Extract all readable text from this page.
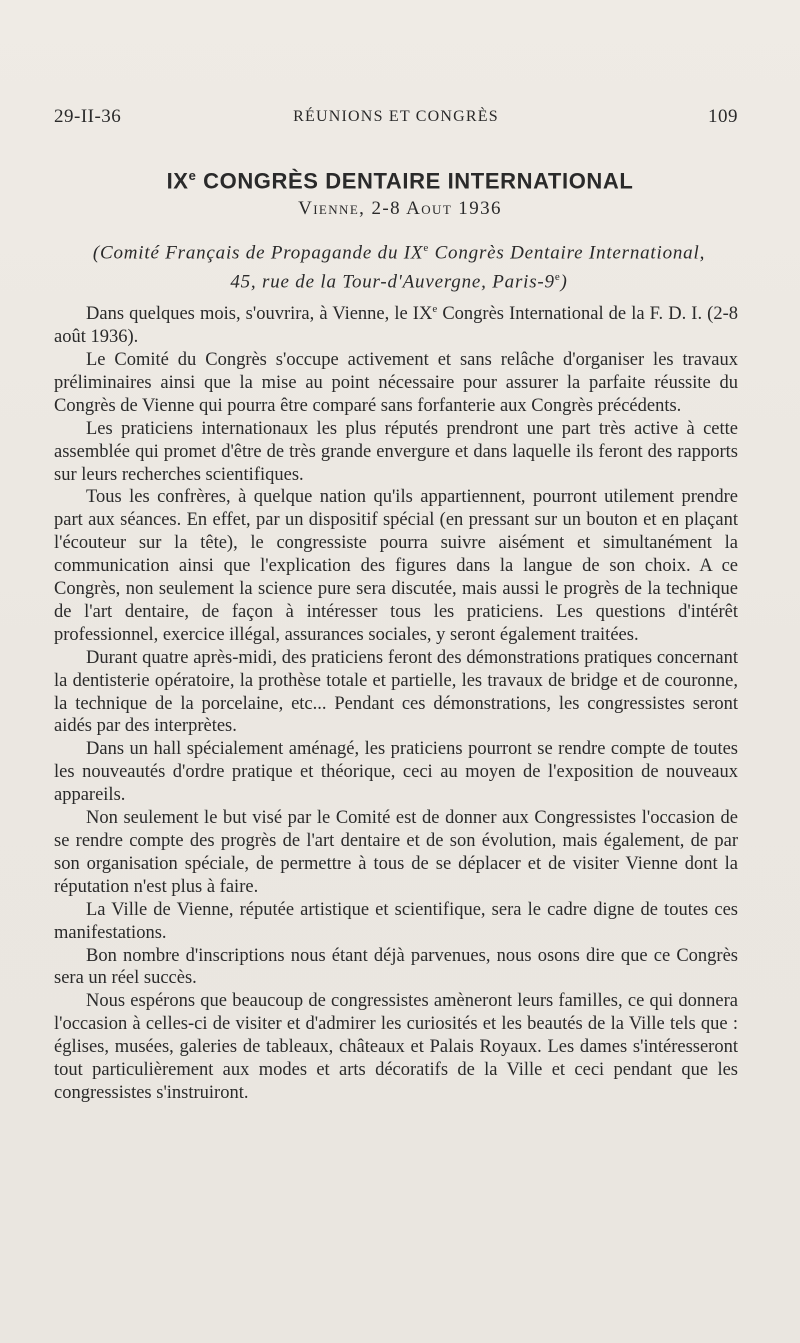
29-II-36	RÉUNIONS ET CONGRÈS	109
IXe CONGRÈS DENTAIRE INTERNATIONAL
Vienne, 2-8 Aout 1936
(Comité Français de Propagande du IXe Congrès Dentaire International,
45, rue de la Tour-d'Auvergne, Paris-9e)

Dans quelques mois, s'ouvrira, à Vienne, le IXe Congrès International de la F. D. I. (2-8 août 1936).

Le Comité du Congrès s'occupe activement et sans relâche d'organiser les travaux préliminaires ainsi que la mise au point nécessaire pour assurer la parfaite réussite du Congrès de Vienne qui pourra être comparé sans forfanterie aux Congrès précédents.

Les praticiens internationaux les plus réputés prendront une part très active à cette assemblée qui promet d'être de très grande envergure et dans laquelle ils feront des rapports sur leurs recherches scientifiques.

Tous les confrères, à quelque nation qu'ils appartiennent, pourront utilement prendre part aux séances. En effet, par un dispositif spécial (en pressant sur un bouton et en plaçant l'écouteur sur la tête), le congressiste pourra suivre aisément et simultanément la communication ainsi que l'explication des figures dans la langue de son choix. A ce Congrès, non seulement la science pure sera discutée, mais aussi le progrès de la technique de l'art dentaire, de façon à intéresser tous les praticiens. Les questions d'intérêt professionnel, exercice illégal, assurances sociales, y seront également traitées.

Durant quatre après-midi, des praticiens feront des démonstrations pratiques concernant la dentisterie opératoire, la prothèse totale et partielle, les travaux de bridge et de couronne, la technique de la porcelaine, etc... Pendant ces démonstrations, les congressistes seront aidés par des interprètes.

Dans un hall spécialement aménagé, les praticiens pourront se rendre compte de toutes les nouveautés d'ordre pratique et théorique, ceci au moyen de l'exposition de nouveaux appareils.

Non seulement le but visé par le Comité est de donner aux Congressistes l'occasion de se rendre compte des progrès de l'art dentaire et de son évolution, mais également, de par son organisation spéciale, de permettre à tous de se déplacer et de visiter Vienne dont la réputation n'est plus à faire.

La Ville de Vienne, réputée artistique et scientifique, sera le cadre digne de toutes ces manifestations.

Bon nombre d'inscriptions nous étant déjà parvenues, nous osons dire que ce Congrès sera un réel succès.

Nous espérons que beaucoup de congressistes amèneront leurs familles, ce qui donnera l'occasion à celles-ci de visiter et d'admirer les curiosités et les beautés de la Ville tels que : églises, musées, galeries de tableaux, châteaux et Palais Royaux. Les dames s'intéresseront tout particulièrement aux modes et arts décoratifs de la Ville et ceci pendant que les congressistes s'instruiront.
